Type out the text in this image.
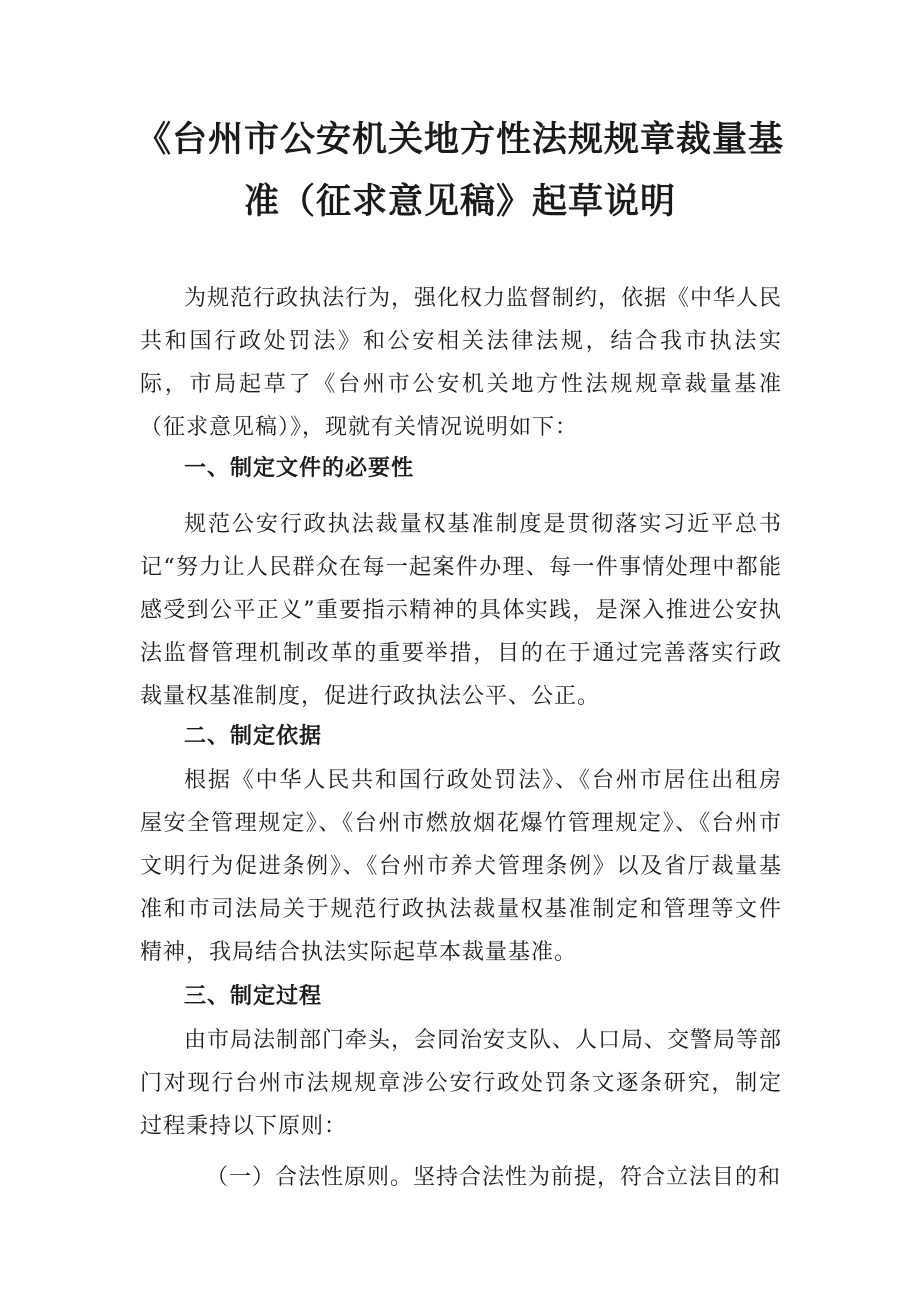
《台州市公安机关地方性法规规章裁量基
准（征求意见稿》起草说明

为规范行政执法行为，强化权力监督制约，依据《中华人民共和国行政处罚法》和公安相关法律法规，结合我市执法实际，市局起草了《台州市公安机关地方性法规规章裁量基准（征求意见稿）》，现就有关情况说明如下：

一、制定文件的必要性

规范公安行政执法裁量权基准制度是贯彻落实习近平总书记“努力让人民群众在每一起案件办理、每一件事情处理中都能感受到公平正义”重要指示精神的具体实践，是深入推进公安执法监督管理机制改革的重要举措，目的在于通过完善落实行政裁量权基准制度，促进行政执法公平、公正。

二、制定依据

根据《中华人民共和国行政处罚法》、《台州市居住出租房屋安全管理规定》、《台州市燃放烟花爆竹管理规定》、《台州市文明行为促进条例》、《台州市养犬管理条例》以及省厅裁量基准和市司法局关于规范行政执法裁量权基准制定和管理等文件精神，我局结合执法实际起草本裁量基准。

三、制定过程

由市局法制部门牵头，会同治安支队、人口局、交警局等部门对现行台州市法规规章涉公安行政处罚条文逐条研究，制定过程秉持以下原则：

（一）合法性原则。坚持合法性为前提，符合立法目的和
